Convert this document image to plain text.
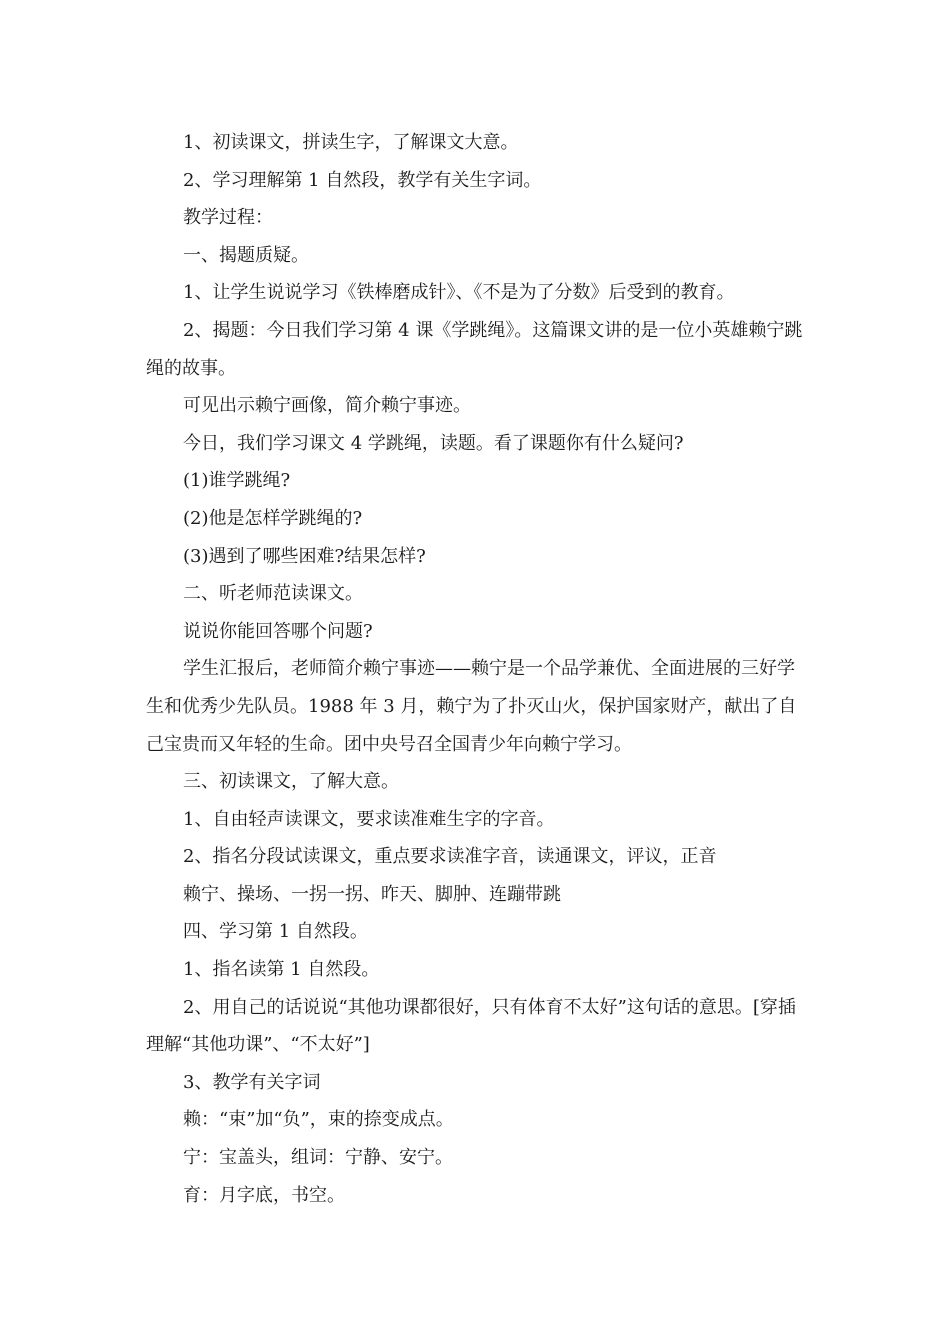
1、初读课文，拼读生字，了解课文大意。

2、学习理解第 1 自然段，教学有关生字词。

教学过程：

一、揭题质疑。

1、让学生说说学习《铁棒磨成针》、《不是为了分数》后受到的教育。

2、揭题：今日我们学习第 4 课《学跳绳》。这篇课文讲的是一位小英雄赖宁跳绳的故事。

可见出示赖宁画像，简介赖宁事迹。

今日，我们学习课文 4 学跳绳，读题。看了课题你有什么疑问?

(1)谁学跳绳?

(2)他是怎样学跳绳的?

(3)遇到了哪些困难?结果怎样?

二、听老师范读课文。

说说你能回答哪个问题?

学生汇报后，老师简介赖宁事迹——赖宁是一个品学兼优、全面进展的三好学生和优秀少先队员。1988 年 3 月，赖宁为了扑灭山火，保护国家财产，献出了自己宝贵而又年轻的生命。团中央号召全国青少年向赖宁学习。

三、初读课文，了解大意。

1、自由轻声读课文，要求读准难生字的字音。

2、指名分段试读课文，重点要求读准字音，读通课文，评议，正音

赖宁、操场、一拐一拐、昨天、脚肿、连蹦带跳

四、学习第 1 自然段。

1、指名读第 1 自然段。

2、用自己的话说说“其他功课都很好，只有体育不太好”这句话的意思。[穿插理解“其他功课”、“不太好”]

3、教学有关字词

赖：“束”加“负”，束的捺变成点。

宁：宝盖头，组词：宁静、安宁。

育：月字底，书空。
